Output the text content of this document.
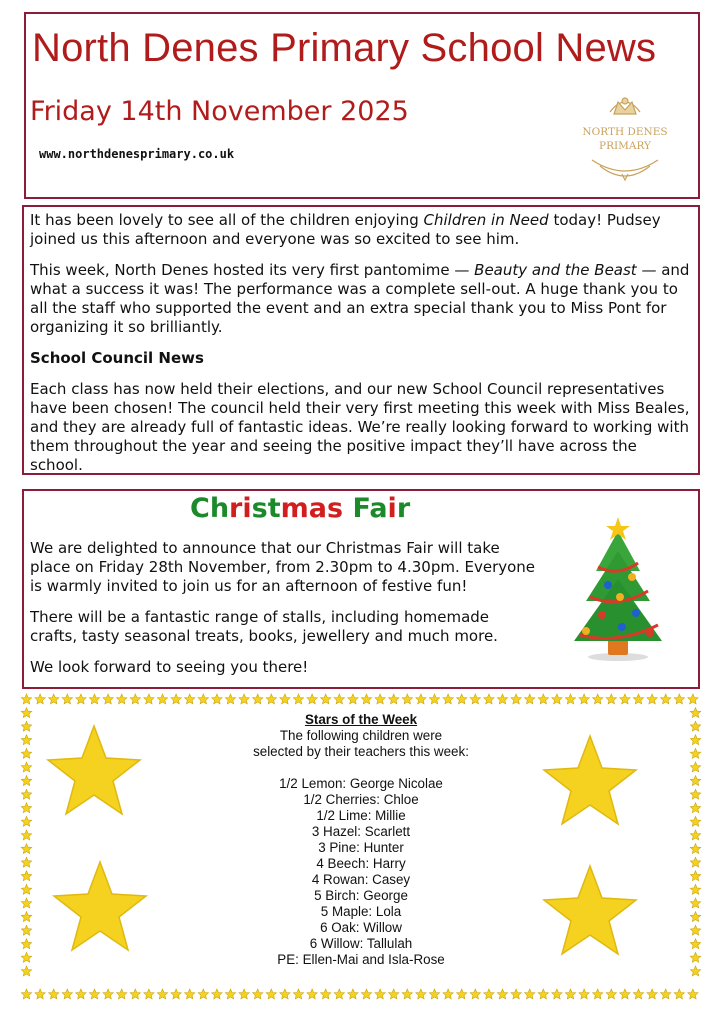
North Denes Primary School News
Friday 14th November 2025
www.northdenesprimary.co.uk
NORTH DENES
PRIMARY

It has been lovely to see all of the children enjoying Children in Need today! Pudsey joined us this afternoon and everyone was so excited to see him.

This week, North Denes hosted its very first pantomime — Beauty and the Beast — and what a success it was! The performance was a complete sell-out. A huge thank you to all the staff who supported the event and an extra special thank you to Miss Pont for organizing it so brilliantly.

School Council News

Each class has now held their elections, and our new School Council representatives have been chosen! The council held their very first meeting this week with Miss Beales, and they are already full of fantastic ideas. We’re really looking forward to working with them throughout the year and seeing the positive impact they’ll have across the school.

Christmas Fair

We are delighted to announce that our Christmas Fair will take place on Friday 28th November, from 2.30pm to 4.30pm. Everyone is warmly invited to join us for an afternoon of festive fun!

There will be a fantastic range of stalls, including homemade crafts, tasty seasonal treats, books, jewellery and much more.

We look forward to seeing you there!

Stars of the Week
The following children were
selected by their teachers this week:
1/2 Lemon: George Nicolae
1/2 Cherries: Chloe
1/2 Lime: Millie
3 Hazel: Scarlett
3 Pine: Hunter
4 Beech: Harry
4 Rowan: Casey
5 Birch: George
5 Maple: Lola
6 Oak: Willow
6 Willow: Tallulah
PE: Ellen-Mai and Isla-Rose
